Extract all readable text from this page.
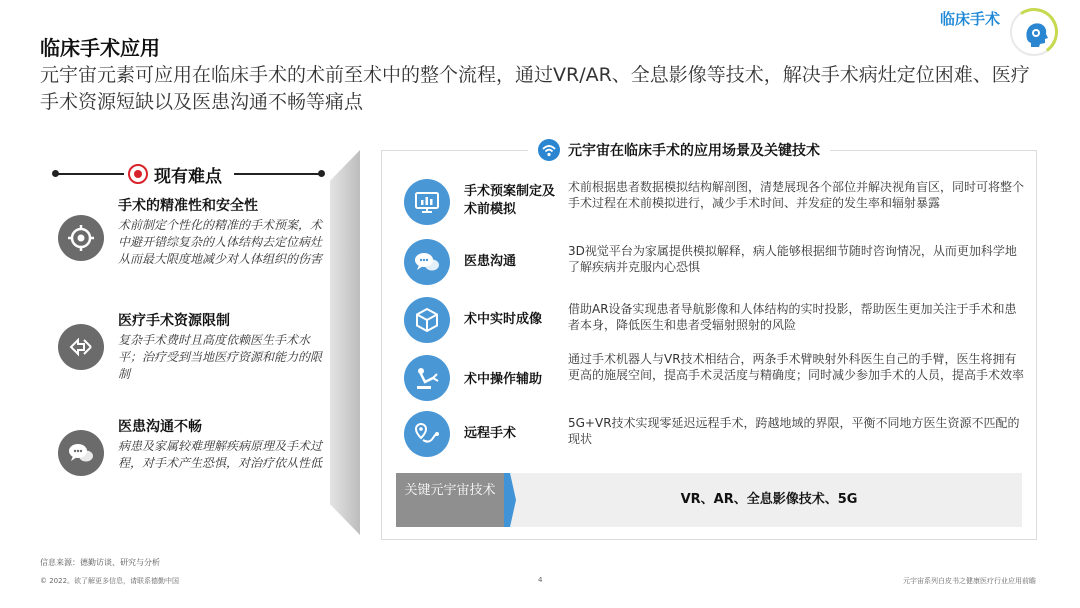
临床手术
临床手术应用
元宇宙元素可应用在临床手术的术前至术中的整个流程，通过VR/AR、全息影像等技术，解决手术病灶定位困难、医疗手术资源短缺以及医患沟通不畅等痛点
现有难点
手术的精准性和安全性
术前制定个性化的精准的手术预案，术中避开错综复杂的人体结构去定位病灶从而最大限度地减少对人体组织的伤害
医疗手术资源限制
复杂手术费时且高度依赖医生手术水平；治疗受到当地医疗资源和能力的限制
医患沟通不畅
病患及家属较难理解疾病原理及手术过程，对手术产生恐惧，对治疗依从性低
元宇宙在临床手术的应用场景及关键技术
手术预案制定及术前模拟
术前根据患者数据模拟结构解剖图，清楚展现各个部位并解决视角盲区，同时可将整个手术过程在术前模拟进行，减少手术时间、并发症的发生率和辐射暴露
医患沟通
3D视觉平台为家属提供模拟解释，病人能够根据细节随时咨询情况，从而更加科学地了解疾病并克服内心恐惧
术中实时成像
借助AR设备实现患者导航影像和人体结构的实时投影，帮助医生更加关注于手术和患者本身，降低医生和患者受辐射照射的风险
术中操作辅助
通过手术机器人与VR技术相结合，两条手术臂映射外科医生自己的手臂，医生将拥有更高的施展空间，提高手术灵活度与精确度；同时减少参加手术的人员，提高手术效率
远程手术
5G+VR技术实现零延迟远程手术，跨越地域的界限，平衡不同地方医生资源不匹配的现状
关键元宇宙技术
VR、AR、全息影像技术、5G
信息来源：德勤访谈、研究与分析
© 2022。欲了解更多信息，请联系德勤中国	4	元宇宙系列白皮书之健康医疗行业应用前瞻
